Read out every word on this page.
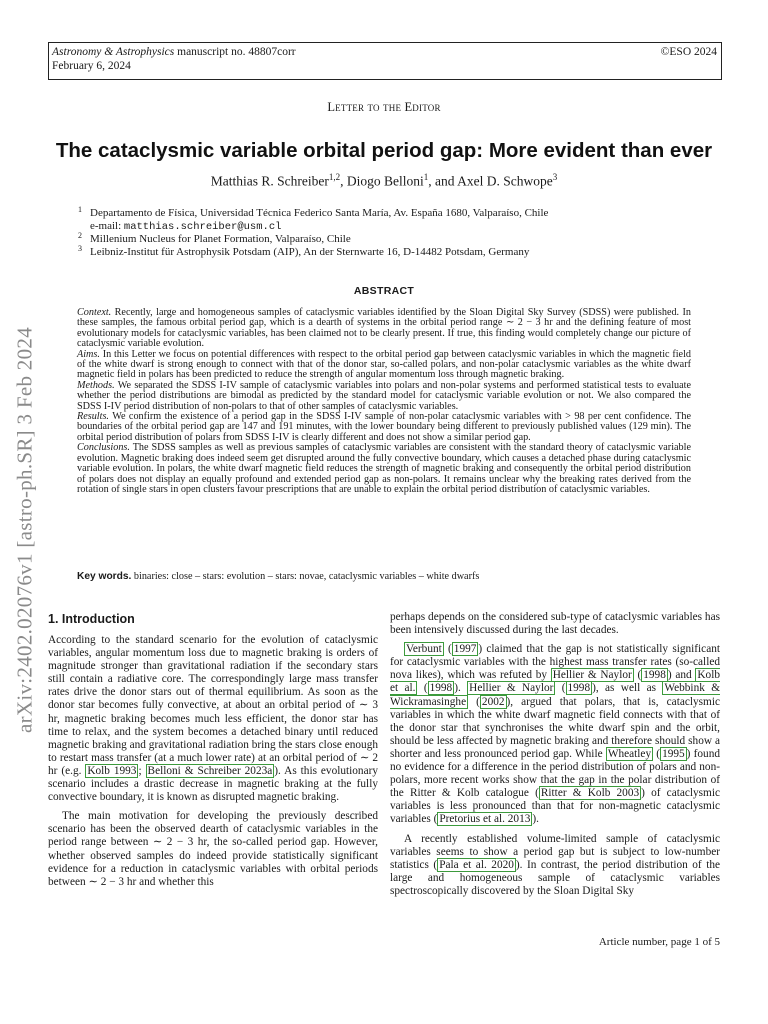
Astronomy & Astrophysics manuscript no. 48807corr
February 6, 2024
©ESO 2024
arXiv:2402.02076v1 [astro-ph.SR] 3 Feb 2024
Letter to the Editor
The cataclysmic variable orbital period gap: More evident than ever
Matthias R. Schreiber$^{1,2}$, Diogo Belloni$^1$, and Axel D. Schwope$^3$
1 Departamento de Física, Universidad Técnica Federico Santa María, Av. España 1680, Valparaíso, Chile
e-mail: matthias.schreiber@usm.cl
2 Millenium Nucleus for Planet Formation, Valparaíso, Chile
3 Leibniz-Institut für Astrophysik Potsdam (AIP), An der Sternwarte 16, D-14482 Potsdam, Germany
ABSTRACT

Context. Recently, large and homogeneous samples of cataclysmic variables identified by the Sloan Digital Sky Survey (SDSS) were published. In these samples, the famous orbital period gap, which is a dearth of systems in the orbital period range ∼ 2 − 3 hr and the defining feature of most evolutionary models for cataclysmic variables, has been claimed not to be clearly present. If true, this finding would completely change our picture of cataclysmic variable evolution.

Aims. In this Letter we focus on potential differences with respect to the orbital period gap between cataclysmic variables in which the magnetic field of the white dwarf is strong enough to connect with that of the donor star, so-called polars, and non-polar cataclysmic variables as the white dwarf magnetic field in polars has been predicted to reduce the strength of angular momentum loss through magnetic braking.

Methods. We separated the SDSS I-IV sample of cataclysmic variables into polars and non-polar systems and performed statistical tests to evaluate whether the period distributions are bimodal as predicted by the standard model for cataclysmic variable evolution or not. We also compared the SDSS I-IV period distribution of non-polars to that of other samples of cataclysmic variables.

Results. We confirm the existence of a period gap in the SDSS I-IV sample of non-polar cataclysmic variables with > 98 per cent confidence. The boundaries of the orbital period gap are 147 and 191 minutes, with the lower boundary being different to previously published values (129 min). The orbital period distribution of polars from SDSS I-IV is clearly different and does not show a similar period gap.

Conclusions. The SDSS samples as well as previous samples of cataclysmic variables are consistent with the standard theory of cataclysmic variable evolution. Magnetic braking does indeed seem get disrupted around the fully convective boundary, which causes a detached phase during cataclysmic variable evolution. In polars, the white dwarf magnetic field reduces the strength of magnetic braking and consequently the orbital period distribution of polars does not display an equally profound and extended period gap as non-polars. It remains unclear why the breaking rates derived from the rotation of single stars in open clusters favour prescriptions that are unable to explain the orbital period distribution of cataclysmic variables.

Key words. binaries: close – stars: evolution – stars: novae, cataclysmic variables – white dwarfs
1. Introduction

According to the standard scenario for the evolution of cataclysmic variables, angular momentum loss due to magnetic braking is orders of magnitude stronger than gravitational radiation if the secondary stars still contain a radiative core. The correspondingly large mass transfer rates drive the donor stars out of thermal equilibrium. As soon as the donor star becomes fully convective, at about an orbital period of ∼ 3 hr, magnetic braking becomes much less efficient, the donor star has time to relax, and the system becomes a detached binary until reduced magnetic braking and gravitational radiation bring the stars close enough to restart mass transfer (at a much lower rate) at an orbital period of ∼ 2 hr (e.g. Kolb 1993 ; Belloni & Schreiber 2023a ). As this evolutionary scenario includes a drastic decrease in magnetic braking at the fully convective boundary, it is known as disrupted magnetic braking.

The main motivation for developing the previously described scenario has been the observed dearth of cataclysmic variables in the period range between ∼ 2 − 3 hr, the so-called period gap. However, whether observed samples do indeed provide statistically significant evidence for a reduction in cataclysmic variables with orbital periods between ∼ 2 − 3 hr and whether this

perhaps depends on the considered sub-type of cataclysmic variables has been intensively discussed during the last decades.

Verbunt ( 1997 ) claimed that the gap is not statistically significant for cataclysmic variables with the highest mass transfer rates (so-called nova likes), which was refuted by Hellier & Naylor ( 1998 ) and Kolb et al. ( 1998 ). Hellier & Naylor ( 1998 ), as well as Webbink & Wickramasinghe ( 2002 ), argued that polars, that is, cataclysmic variables in which the white dwarf magnetic field connects with that of the donor star that synchronises the white dwarf spin and the orbit, should be less affected by magnetic braking and therefore should show a shorter and less pronounced period gap. While Wheatley ( 1995 ) found no evidence for a difference in the period distribution of polars and non-polars, more recent works show that the gap in the polar distribution of the Ritter & Kolb catalogue ( Ritter & Kolb 2003 ) of cataclysmic variables is less pronounced than that for non-magnetic cataclysmic variables ( Pretorius et al. 2013 ).

A recently established volume-limited sample of cataclysmic variables seems to show a period gap but is subject to low-number statistics ( Pala et al. 2020 ). In contrast, the period distribution of the large and homogeneous sample of cataclysmic variables spectroscopically discovered by the Sloan Digital Sky

Article number, page 1 of 5
